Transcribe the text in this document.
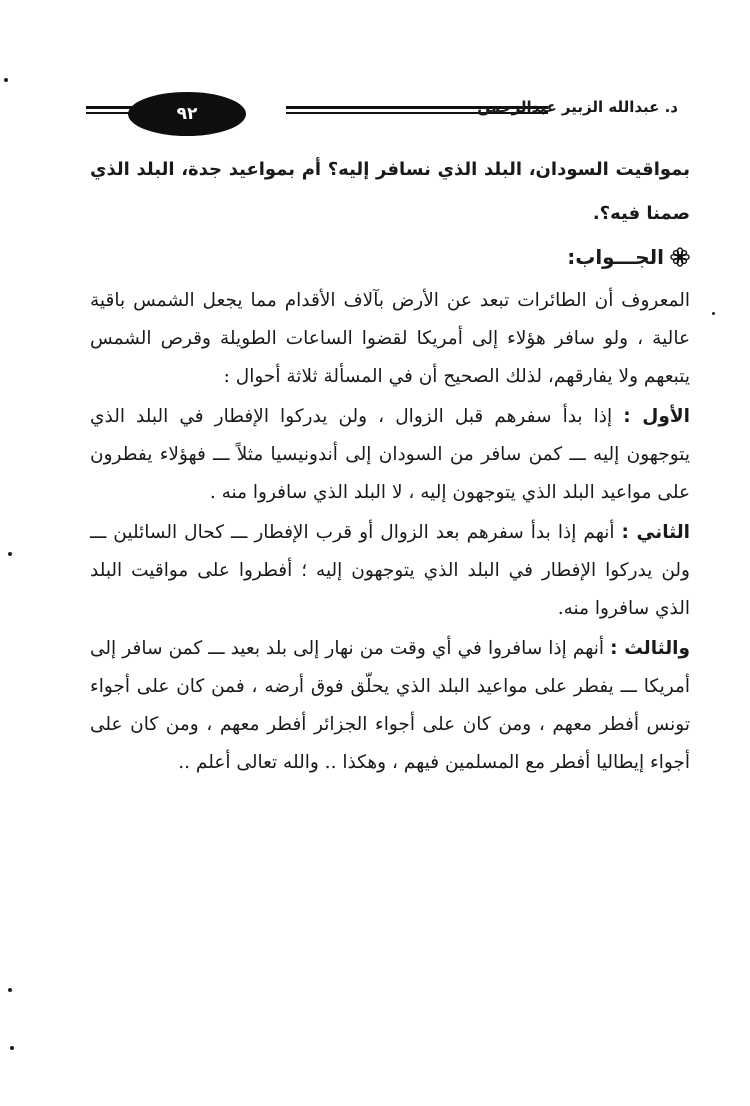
٩٢	د. عبدالله الزبير عبدالرحمن

بمواقيت السودان، البلد الذي نسافر إليه؟ أم بمواعيد جدة، البلد الذي صمنا فيه؟.

الجـــواب:

المعروف أن الطائرات تبعد عن الأرض بآلاف الأقدام مما يجعل الشمس باقية عالية ، ولو سافر هؤلاء إلى أمريكا لقضوا الساعات الطويلة وقرص الشمس يتبعهم ولا يفارقهم، لذلك الصحيح أن في المسألة ثلاثة أحوال :

الأول : إذا بدأ سفرهم قبل الزوال ، ولن يدركوا الإفطار في البلد الذي يتوجهون إليه ـــ كمن سافر من السودان إلى أندونيسيا مثلاً ـــ فهؤلاء يفطرون على مواعيد البلد الذي يتوجهون إليه ، لا البلد الذي سافروا منه .

الثاني : أنهم إذا بدأ سفرهم بعد الزوال أو قرب الإفطار ـــ كحال السائلين ـــ ولن يدركوا الإفطار في البلد الذي يتوجهون إليه ؛ أفطروا على مواقيت البلد الذي سافروا منه.

والثالث : أنهم إذا سافروا في أي وقت من نهار إلى بلد بعيد ـــ كمن سافر إلى أمريكا ـــ يفطر على مواعيد البلد الذي يحلّق فوق أرضه ، فمن كان على أجواء تونس أفطر معهم ، ومن كان على أجواء الجزائر أفطر معهم ، ومن كان على أجواء إيطاليا أفطر مع المسلمين فيهم ، وهكذا .. والله تعالى أعلم ..
